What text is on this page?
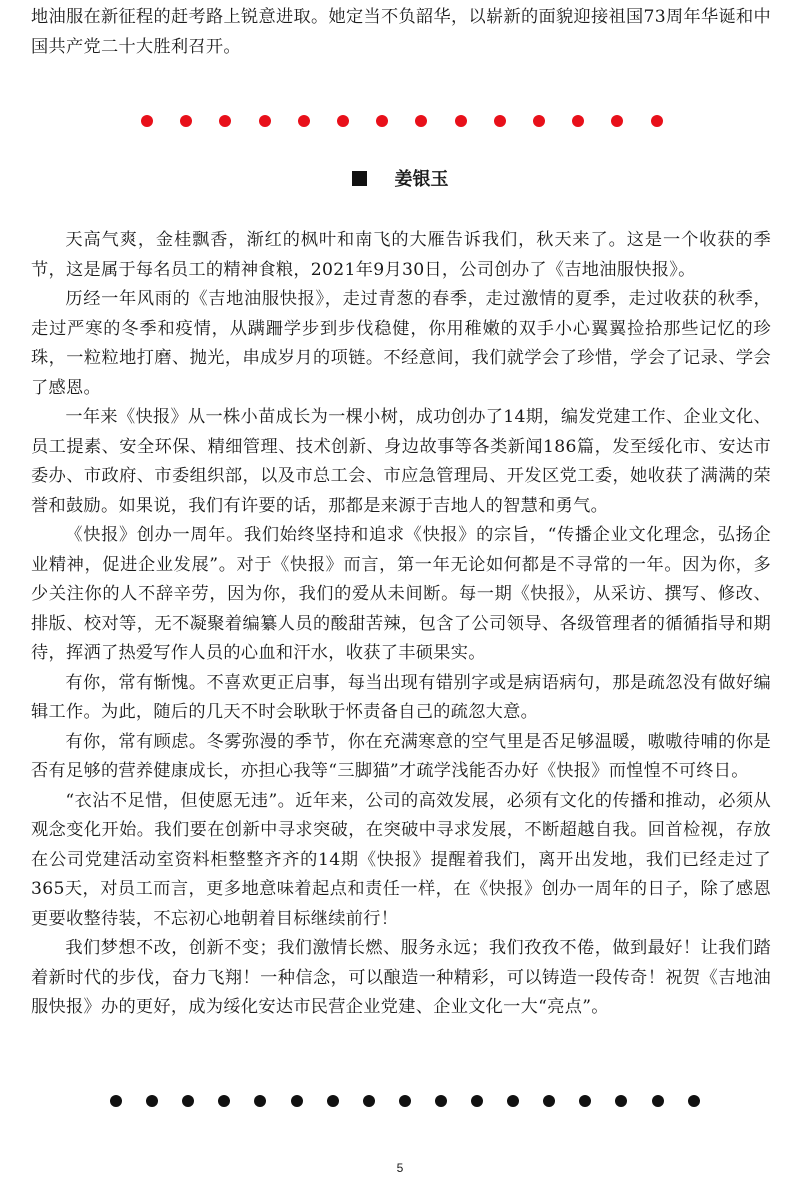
地油服在新征程的赶考路上锐意进取。她定当不负韶华，以崭新的面貌迎接祖国73周年华诞和中国共产党二十大胜利召开。

姜银玉

天高气爽，金桂飘香，渐红的枫叶和南飞的大雁告诉我们，秋天来了。这是一个收获的季节，这是属于每名员工的精神食粮，2021年9月30日，公司创办了《吉地油服快报》。

历经一年风雨的《吉地油服快报》，走过青葱的春季，走过激情的夏季，走过收获的秋季，走过严寒的冬季和疫情，从蹒跚学步到步伐稳健，你用稚嫩的双手小心翼翼捡拾那些记忆的珍珠，一粒粒地打磨、抛光，串成岁月的项链。不经意间，我们就学会了珍惜，学会了记录、学会了感恩。

一年来《快报》从一株小苗成长为一棵小树，成功创办了14期，编发党建工作、企业文化、员工提素、安全环保、精细管理、技术创新、身边故事等各类新闻186篇，发至绥化市、安达市委办、市政府、市委组织部，以及市总工会、市应急管理局、开发区党工委，她收获了满满的荣誉和鼓励。如果说，我们有许要的话，那都是来源于吉地人的智慧和勇气。

《快报》创办一周年。我们始终坚持和追求《快报》的宗旨，“传播企业文化理念，弘扬企业精神，促进企业发展”。对于《快报》而言，第一年无论如何都是不寻常的一年。因为你，多少关注你的人不辞辛劳，因为你，我们的爱从未间断。每一期《快报》，从采访、撰写、修改、排版、校对等，无不凝聚着编纂人员的酸甜苦辣，包含了公司领导、各级管理者的循循指导和期待，挥洒了热爱写作人员的心血和汗水，收获了丰硕果实。

有你，常有惭愧。不喜欢更正启事，每当出现有错别字或是病语病句，那是疏忽没有做好编辑工作。为此，随后的几天不时会耿耿于怀责备自己的疏忽大意。

有你，常有顾虑。冬雾弥漫的季节，你在充满寒意的空气里是否足够温暖，嗷嗷待哺的你是否有足够的营养健康成长，亦担心我等“三脚猫”才疏学浅能否办好《快报》而惶惶不可终日。

“衣沾不足惜，但使愿无违”。近年来，公司的高效发展，必须有文化的传播和推动，必须从观念变化开始。我们要在创新中寻求突破，在突破中寻求发展，不断超越自我。回首检视，存放在公司党建活动室资料柜整整齐齐的14期《快报》提醒着我们，离开出发地，我们已经走过了365天，对员工而言，更多地意味着起点和责任一样，在《快报》创办一周年的日子，除了感恩更要收整待装，不忘初心地朝着目标继续前行！

我们梦想不改，创新不变；我们激情长燃、服务永远；我们孜孜不倦，做到最好！让我们踏着新时代的步伐，奋力飞翔！一种信念，可以酿造一种精彩，可以铸造一段传奇！祝贺《吉地油服快报》办的更好，成为绥化安达市民营企业党建、企业文化一大“亮点”。

5
